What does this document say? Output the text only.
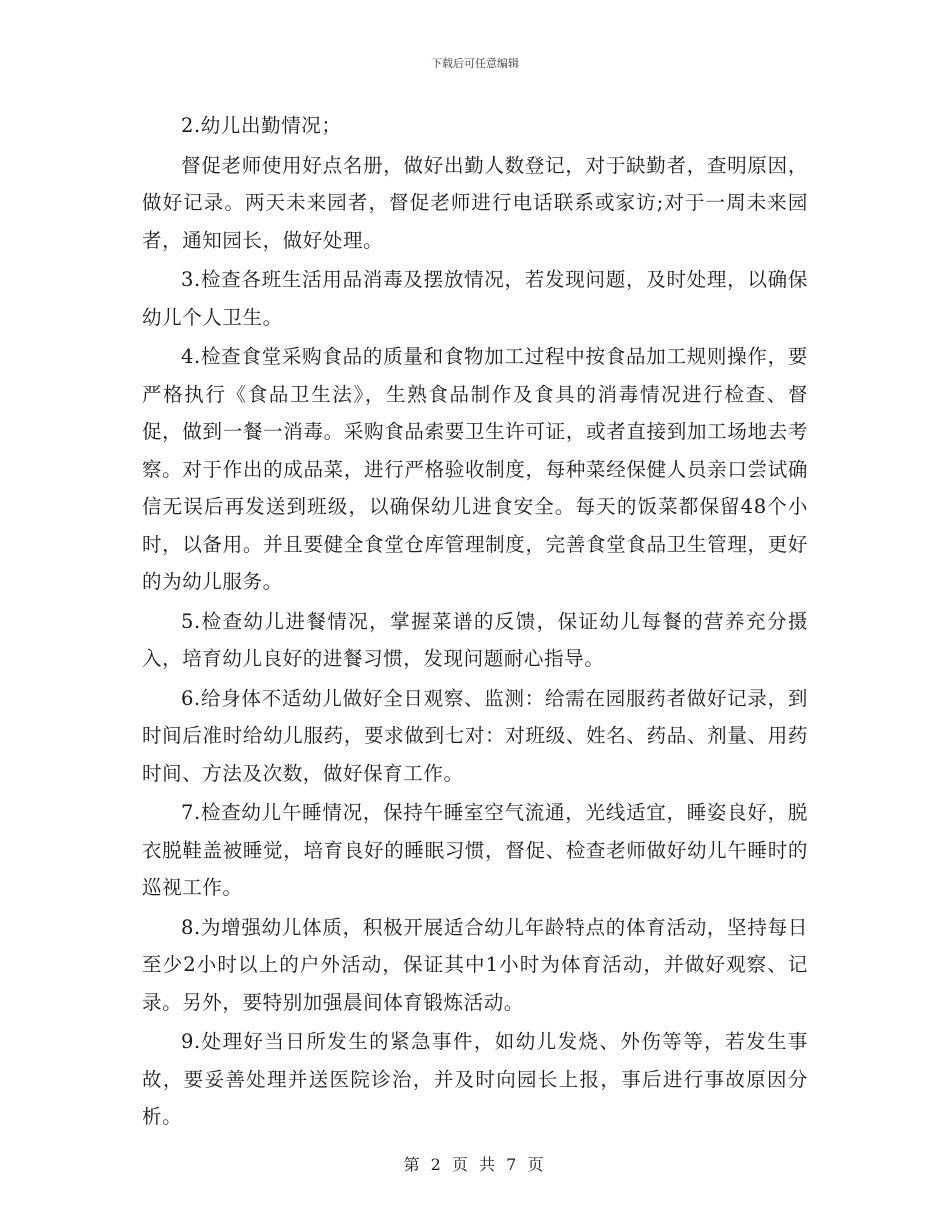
下载后可任意编辑

2.幼儿出勤情况；

督促老师使用好点名册，做好出勤人数登记，对于缺勤者，查明原因，做好记录。两天未来园者，督促老师进行电话联系或家访;对于一周未来园者，通知园长，做好处理。

3.检查各班生活用品消毒及摆放情况，若发现问题，及时处理，以确保幼儿个人卫生。

4.检查食堂采购食品的质量和食物加工过程中按食品加工规则操作，要严格执行《食品卫生法》，生熟食品制作及食具的消毒情况进行检查、督促，做到一餐一消毒。采购食品索要卫生许可证，或者直接到加工场地去考察。对于作出的成品菜，进行严格验收制度，每种菜经保健人员亲口尝试确信无误后再发送到班级，以确保幼儿进食安全。每天的饭菜都保留48个小时，以备用。并且要健全食堂仓库管理制度，完善食堂食品卫生管理，更好的为幼儿服务。

5.检查幼儿进餐情况，掌握菜谱的反馈，保证幼儿每餐的营养充分摄入，培育幼儿良好的进餐习惯，发现问题耐心指导。

6.给身体不适幼儿做好全日观察、监测：给需在园服药者做好记录，到时间后准时给幼儿服药，要求做到七对：对班级、姓名、药品、剂量、用药时间、方法及次数，做好保育工作。

7.检查幼儿午睡情况，保持午睡室空气流通，光线适宜，睡姿良好，脱衣脱鞋盖被睡觉，培育良好的睡眠习惯，督促、检查老师做好幼儿午睡时的巡视工作。

8.为增强幼儿体质，积极开展适合幼儿年龄特点的体育活动，坚持每日至少2小时以上的户外活动，保证其中1小时为体育活动，并做好观察、记录。另外，要特别加强晨间体育锻炼活动。

9.处理好当日所发生的紧急事件，如幼儿发烧、外伤等等，若发生事故，要妥善处理并送医院诊治，并及时向园长上报，事后进行事故原因分析。

第 2 页 共 7 页
